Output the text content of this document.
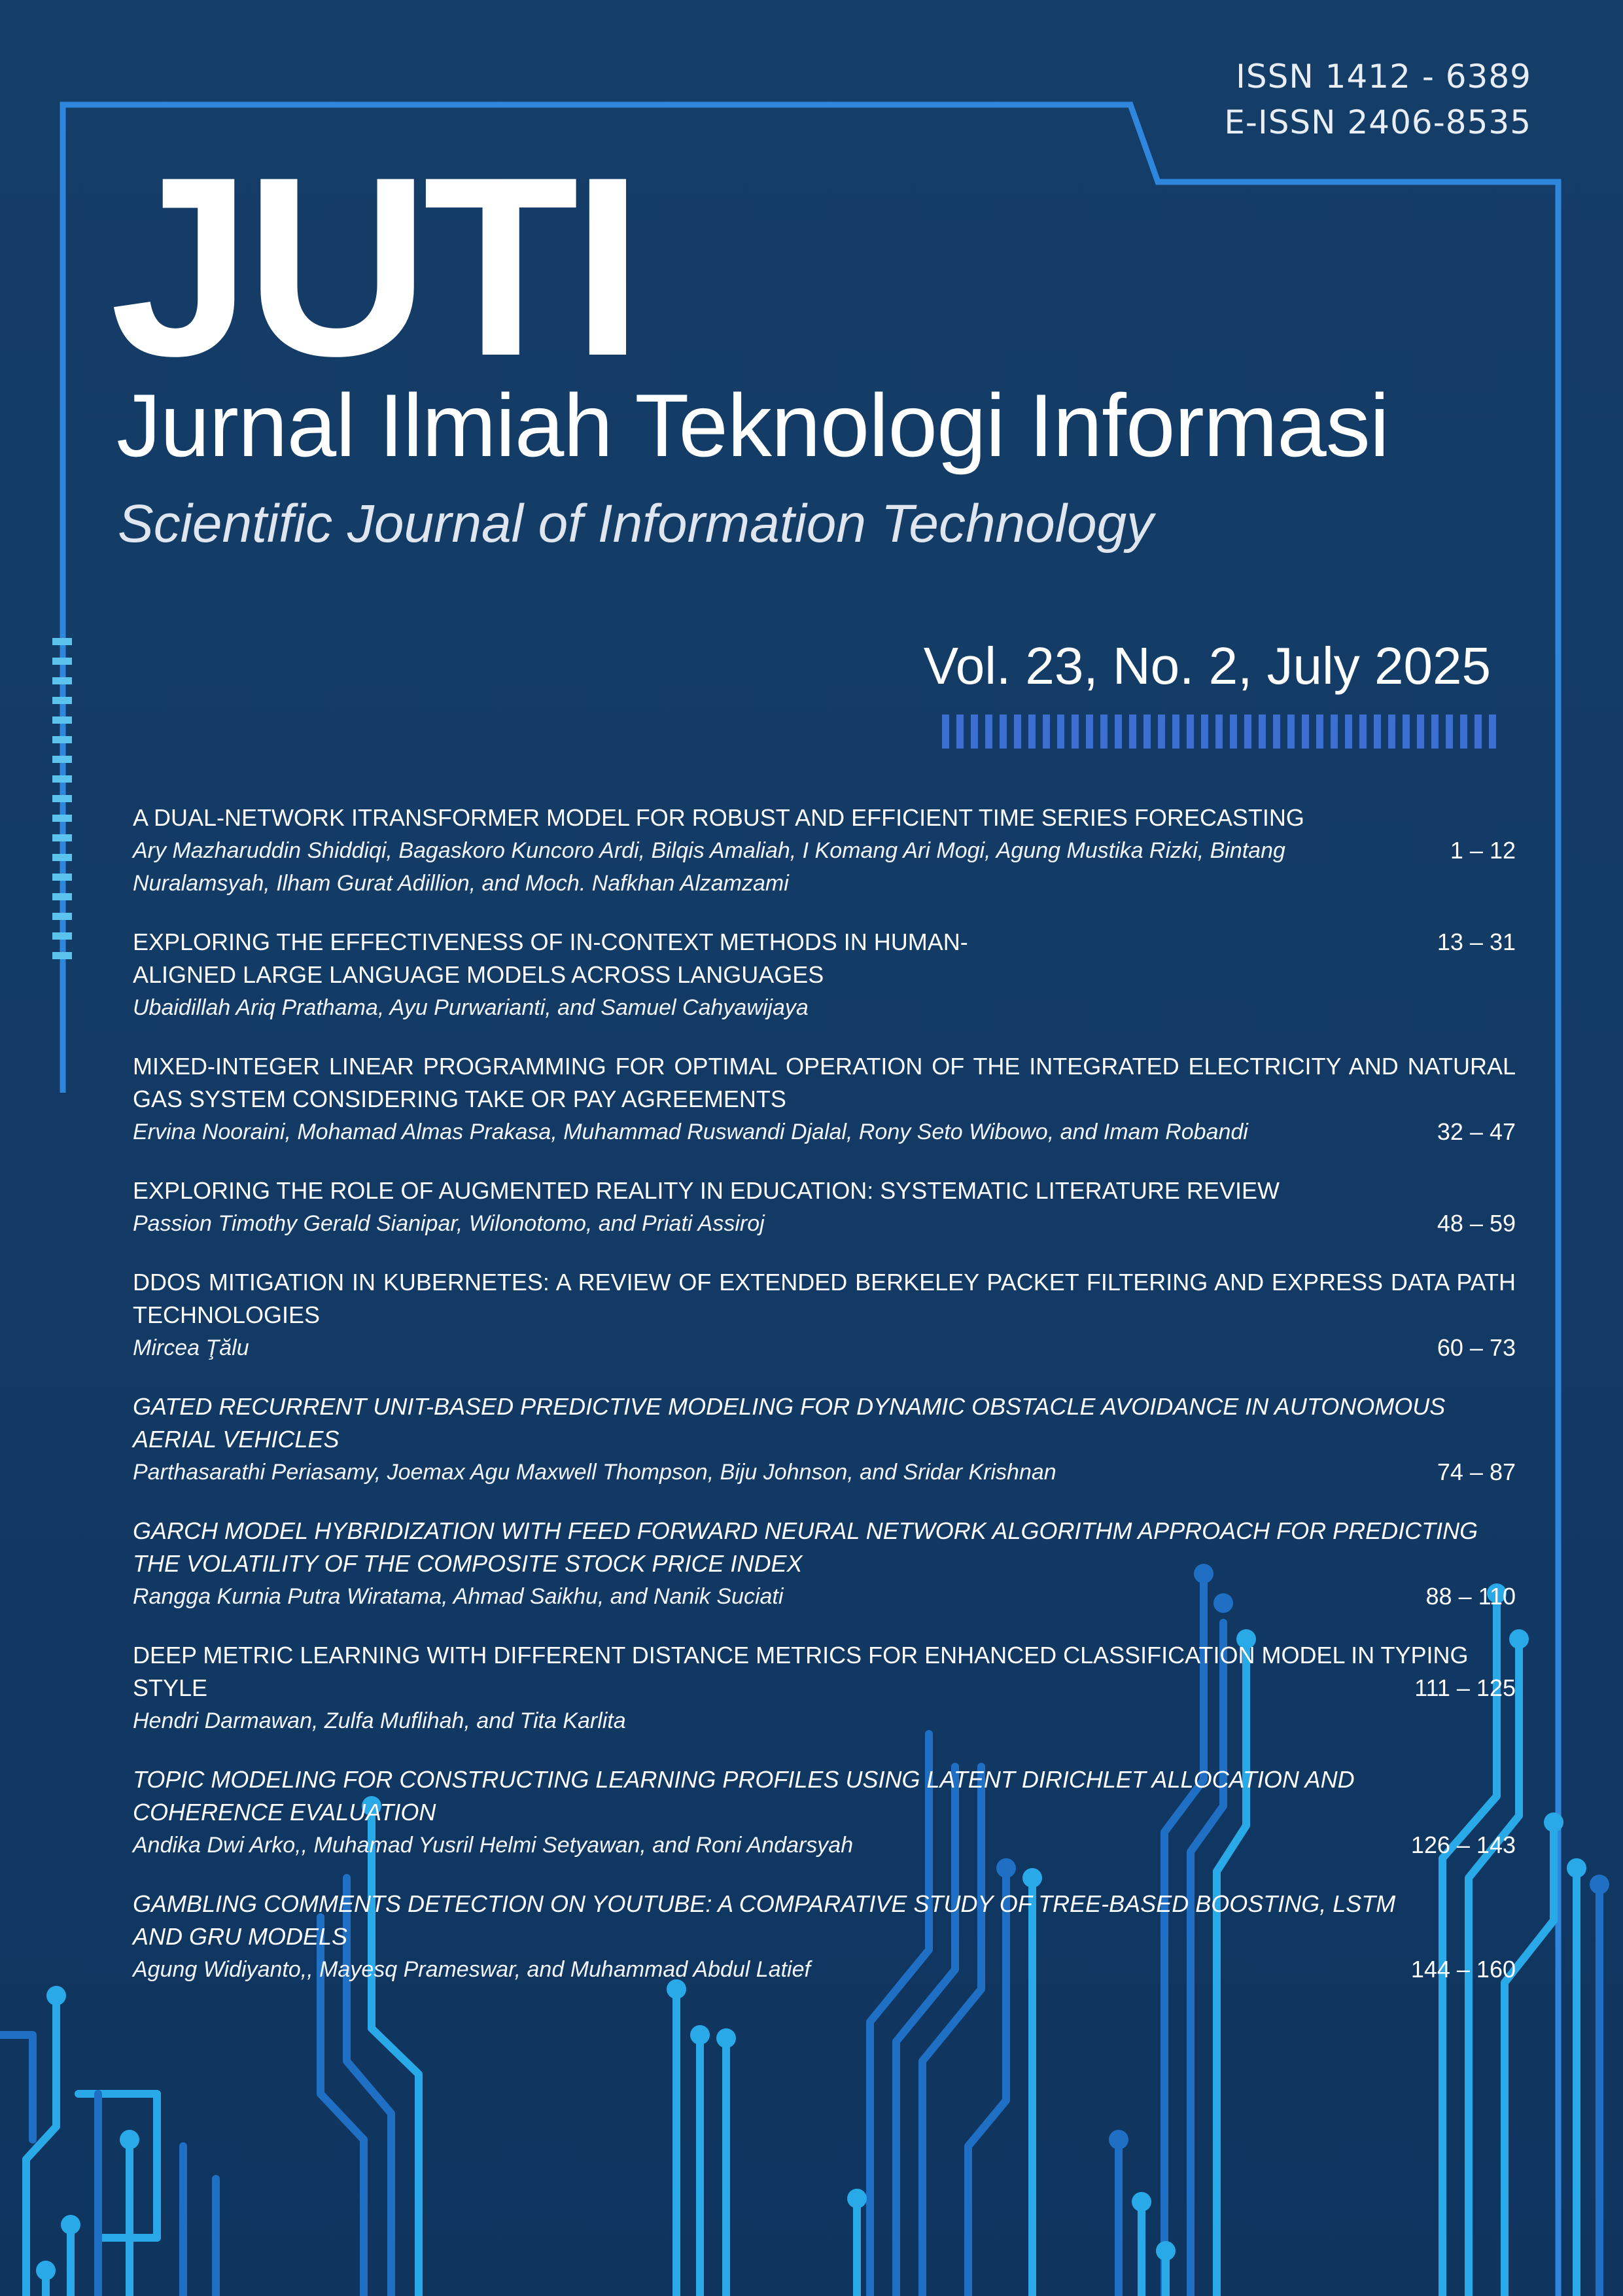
ISSN 1412 - 6389
E-ISSN 2406-8535
JUTI
Jurnal Ilmiah Teknologi Informasi
Scientific Journal of Information Technology
Vol. 23, No. 2, July 2025
A DUAL-NETWORK ITRANSFORMER MODEL FOR ROBUST AND EFFICIENT TIME SERIES FORECASTING
1 – 12
Ary Mazharuddin Shiddiqi, Bagaskoro Kuncoro Ardi, Bilqis Amaliah, I Komang Ari Mogi, Agung Mustika Rizki, Bintang Nuralamsyah, Ilham Gurat Adillion, and Moch. Nafkhan Alzamzami
13 – 31
EXPLORING THE EFFECTIVENESS OF IN-CONTEXT METHODS IN HUMAN-ALIGNED LARGE LANGUAGE MODELS ACROSS LANGUAGES
Ubaidillah Ariq Prathama, Ayu Purwarianti, and Samuel Cahyawijaya
MIXED-INTEGER LINEAR PROGRAMMING FOR OPTIMAL OPERATION OF THE INTEGRATED ELECTRICITY AND NATURAL GAS SYSTEM CONSIDERING TAKE OR PAY AGREEMENTS
32 – 47
Ervina Nooraini, Mohamad Almas Prakasa, Muhammad Ruswandi Djalal, Rony Seto Wibowo, and Imam Robandi
EXPLORING THE ROLE OF AUGMENTED REALITY IN EDUCATION: SYSTEMATIC LITERATURE REVIEW
48 – 59
Passion Timothy Gerald Sianipar, Wilonotomo, and Priati Assiroj
DDOS MITIGATION IN KUBERNETES: A REVIEW OF EXTENDED BERKELEY PACKET FILTERING AND EXPRESS DATA PATH TECHNOLOGIES
60 – 73
Mircea Ţălu
GATED RECURRENT UNIT-BASED PREDICTIVE MODELING FOR DYNAMIC OBSTACLE AVOIDANCE IN AUTONOMOUS AERIAL VEHICLES
74 – 87
Parthasarathi Periasamy, Joemax Agu Maxwell Thompson, Biju Johnson, and Sridar Krishnan
GARCH MODEL HYBRIDIZATION WITH FEED FORWARD NEURAL NETWORK ALGORITHM APPROACH FOR PREDICTING THE VOLATILITY OF THE COMPOSITE STOCK PRICE INDEX
88 – 110
Rangga Kurnia Putra Wiratama, Ahmad Saikhu, and Nanik Suciati
DEEP METRIC LEARNING WITH DIFFERENT DISTANCE METRICS FOR ENHANCED CLASSIFICATION MODEL IN TYPING STYLE	111 – 125
Hendri Darmawan, Zulfa Muflihah, and Tita Karlita
TOPIC MODELING FOR CONSTRUCTING LEARNING PROFILES USING LATENT DIRICHLET ALLOCATION AND COHERENCE EVALUATION
126 – 143
Andika Dwi Arko,, Muhamad Yusril Helmi Setyawan, and Roni Andarsyah
GAMBLING COMMENTS DETECTION ON YOUTUBE: A COMPARATIVE STUDY OF TREE-BASED BOOSTING, LSTM AND GRU MODELS
144 – 160
Agung Widiyanto,, Mayesq Prameswar, and Muhammad Abdul Latief
